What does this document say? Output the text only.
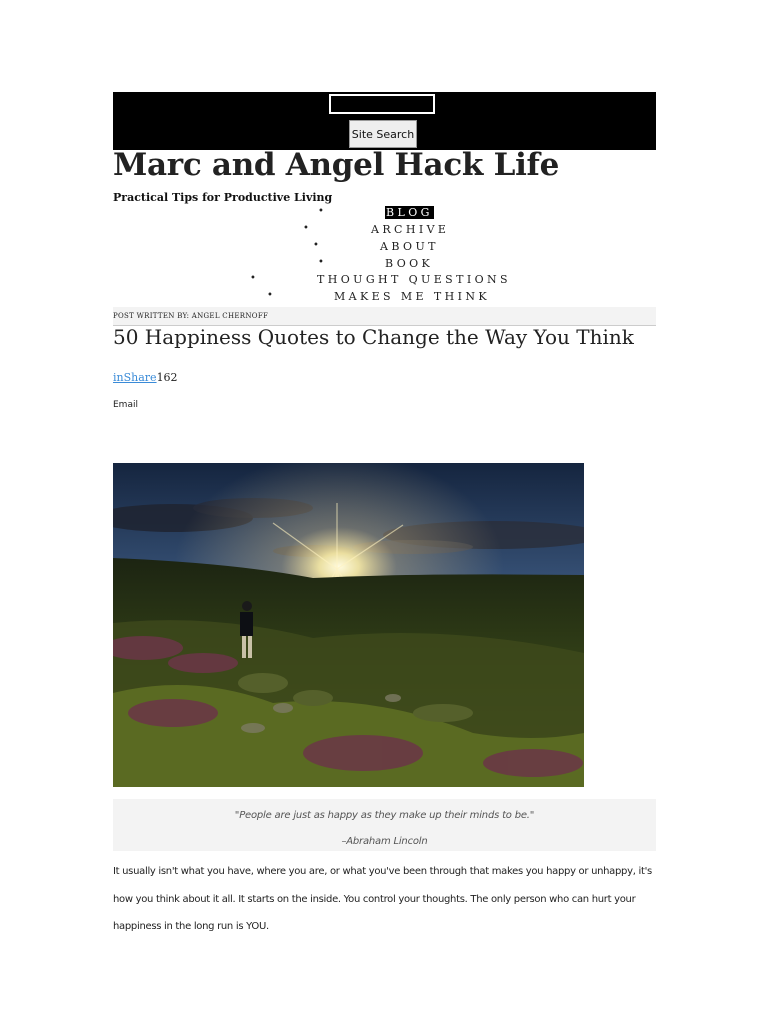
Site Search
Marc and Angel Hack Life
Practical Tips for Productive Living
•	BLOG
•	ARCHIVE
•	ABOUT
•	BOOK
•	THOUGHT QUESTIONS
•	MAKES ME THINK
POST WRITTEN BY: ANGEL CHERNOFF
50 Happiness Quotes to Change the Way You Think
inShare162
Email
"People are just as happy as they make up their minds to be."
–Abraham Lincoln
It usually isn't what you have, where you are, or what you've been through that makes you happy or unhappy, it's how you think about it all. It starts on the inside. You control your thoughts. The only person who can hurt your happiness in the long run is YOU.
